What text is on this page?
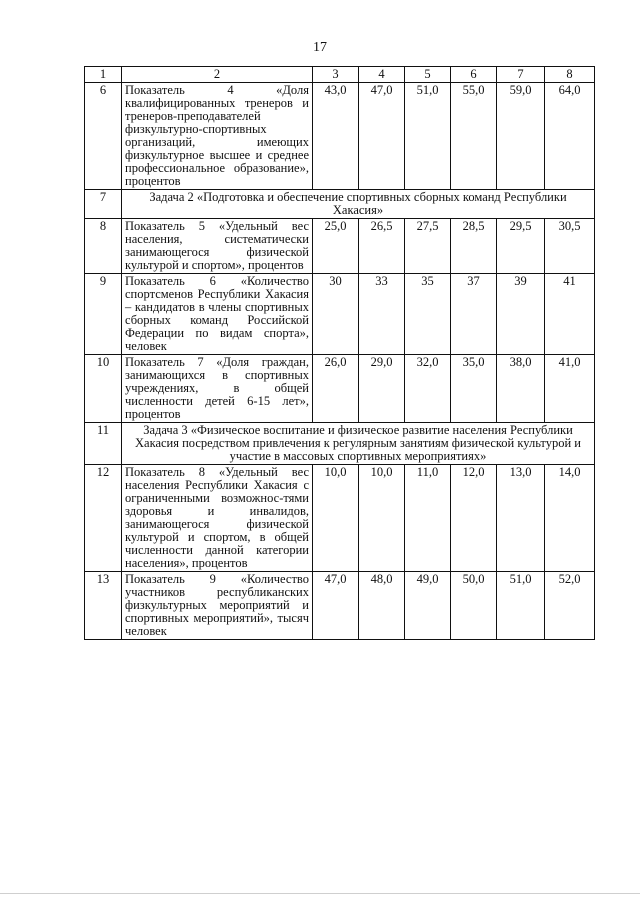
17
1	2	3	4	5	6	7	8
6	Показатель 4 «Доля квалифицированных тренеров и тренеров-преподавателей физкультурно-спортивных организаций, имеющих физкультурное высшее и среднее профессиональное образование», процентов	43,0	47,0	51,0	55,0	59,0	64,0
7	Задача 2 «Подготовка и обеспечение спортивных сборных команд Республики Хакасия»						
8	Показатель 5 «Удельный вес населения, систематически занимающегося физической культурой и спортом», процентов	25,0	26,5	27,5	28,5	29,5	30,5
9	Показатель 6 «Количество спортсменов Республики Хакасия – кандидатов в члены спортивных сборных команд Российской Федерации по видам спорта», человек	30	33	35	37	39	41
10	Показатель 7 «Доля граждан, занимающихся в спортивных учреждениях, в общей численности детей 6-15 лет», процентов	26,0	29,0	32,0	35,0	38,0	41,0
11	Задача 3 «Физическое воспитание и физическое развитие населения Республики Хакасия посредством привлечения к регулярным занятиям физической культурой и участие в массовых спортивных мероприятиях»						
12	Показатель 8 «Удельный вес населения Республики Хакасия с ограниченными возможнос-тями здоровья и инвалидов, занимающегося физической культурой и спортом, в общей численности данной категории населения», процентов	10,0	10,0	11,0	12,0	13,0	14,0
13	Показатель 9 «Количество участников республиканских физкультурных мероприятий и спортивных мероприятий», тысяч человек	47,0	48,0	49,0	50,0	51,0	52,0
